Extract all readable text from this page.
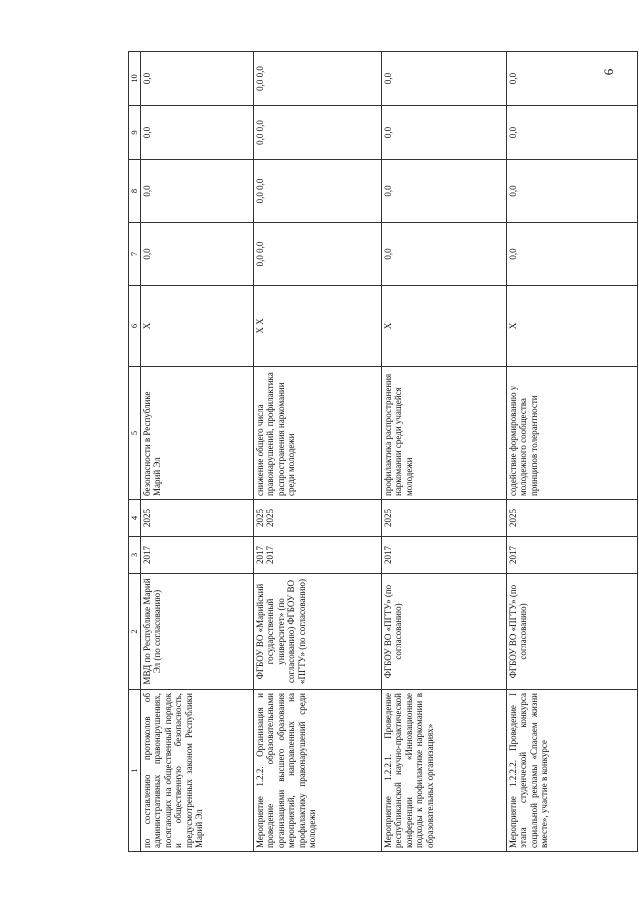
6
1	2	3	4	5	6	7	8	9	10
по составлению протоколов об административных правонарушениях, посягающих на общественный порядок и общественную безопасность, предусмотренных законом Республики Марий Эл	МВД по Республике Марий Эл (по согласованию)	2017	2025	безопасности в Республике Марий Эл	X	0,0	0,0	0,0	0,0
Мероприятие 1.2.2. Организация и проведение образовательными организациями высшего образования мероприятий, направленных на профилактику правонарушений среди молодежи	ФГБОУ ВО «Марийский государственный университет» (по согласованию) ФГБОУ ВО «ПГТУ» (по согласованию)	2017 2017	2025 2025	снижение общего числа правонарушений, профилактика распространения наркомании среди молодежи	X X	0,0 0,0	0,0 0,0	0,0 0,0	0,0 0,0
Мероприятие 1.2.2.1. Проведение республиканской научно-практической конференции «Инновационные подходы к профилактике наркомании в образовательных организациях»	ФГБОУ ВО «ПГТУ» (по согласованию)	2017	2025	профилактика распространения наркомании среди учащейся молодежи	X	0,0	0,0	0,0	0,0
Мероприятие 1.2.2.2. Проведение I этапа студенческой конкурса социальной рекламы «Спасаем жизни вместе», участие в конкурсе	ФГБОУ ВО «ПГТУ» (по согласованию)	2017	2025	содействие формированию у молодежного сообщества принципов толерантности	X	0,0	0,0	0,0	0,0
